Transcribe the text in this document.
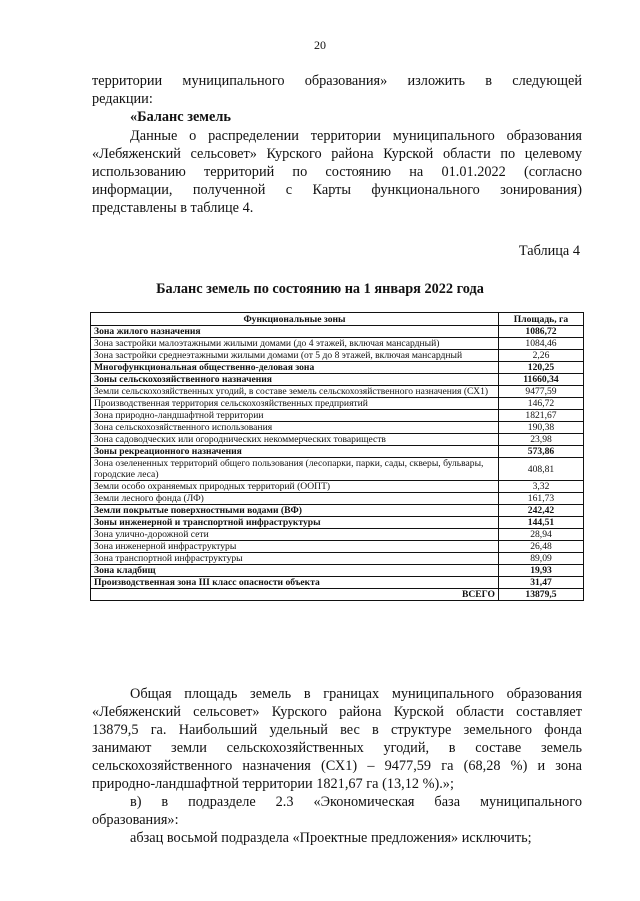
20

территории муниципального образования» изложить в следующей

редакции:

«Баланс земель

Данные о распределении территории муниципального образования

«Лебяженский сельсовет» Курского района Курской области по целевому

использованию территорий по состоянию на 01.01.2022 (согласно

информации, полученной с Карты функционального зонирования)

представлены в таблице 4.

Таблица 4
Баланс земель по состоянию на 1 января 2022 года
Функциональные зоны	Площадь, га
Зона жилого назначения	1086,72
Зона застройки малоэтажными жилыми домами (до 4 этажей, включая мансардный)	1084,46
Зона застройки среднеэтажными жилыми домами (от 5 до 8 этажей, включая мансардный	2,26
Многофункциональная общественно-деловая зона	120,25
Зоны сельскохозяйственного назначения	11660,34
Земли сельскохозяйственных угодий, в составе земель сельскохозяйственного назначения (СХ1)	9477,59
Производственная территория сельскохозяйственных предприятий	146,72
Зона природно-ландшафтной территории	1821,67
Зона сельскохозяйственного использования	190,38
Зона садоводческих или огороднических некоммерческих товариществ	23,98
Зоны рекреационного назначения	573,86
Зона озелененных территорий общего пользования (лесопарки, парки, сады, скверы, бульвары, городские леса)	408,81
Земли особо охраняемых природных территорий (ООПТ)	3,32
Земли лесного фонда (ЛФ)	161,73
Земли покрытые поверхностными водами (ВФ)	242,42
Зоны инженерной и транспортной инфраструктуры	144,51
Зона улично-дорожной сети	28,94
Зона инженерной инфраструктуры	26,48
Зона транспортной инфраструктуры	89,09
Зона кладбищ	19,93
Производственная зона III класс опасности объекта	31,47
ВСЕГО	13879,5

Общая площадь земель в границах муниципального образования

«Лебяженский сельсовет» Курского района Курской области составляет

13879,5 га. Наибольший удельный вес в структуре земельного фонда

занимают земли сельскохозяйственных угодий, в составе земель

сельскохозяйственного назначения (СХ1) – 9477,59 га (68,28 %) и зона

природно-ландшафтной территории 1821,67 га (13,12 %).»;

в) в подразделе 2.3 «Экономическая база муниципального

образования»:

абзац восьмой подраздела «Проектные предложения» исключить;
